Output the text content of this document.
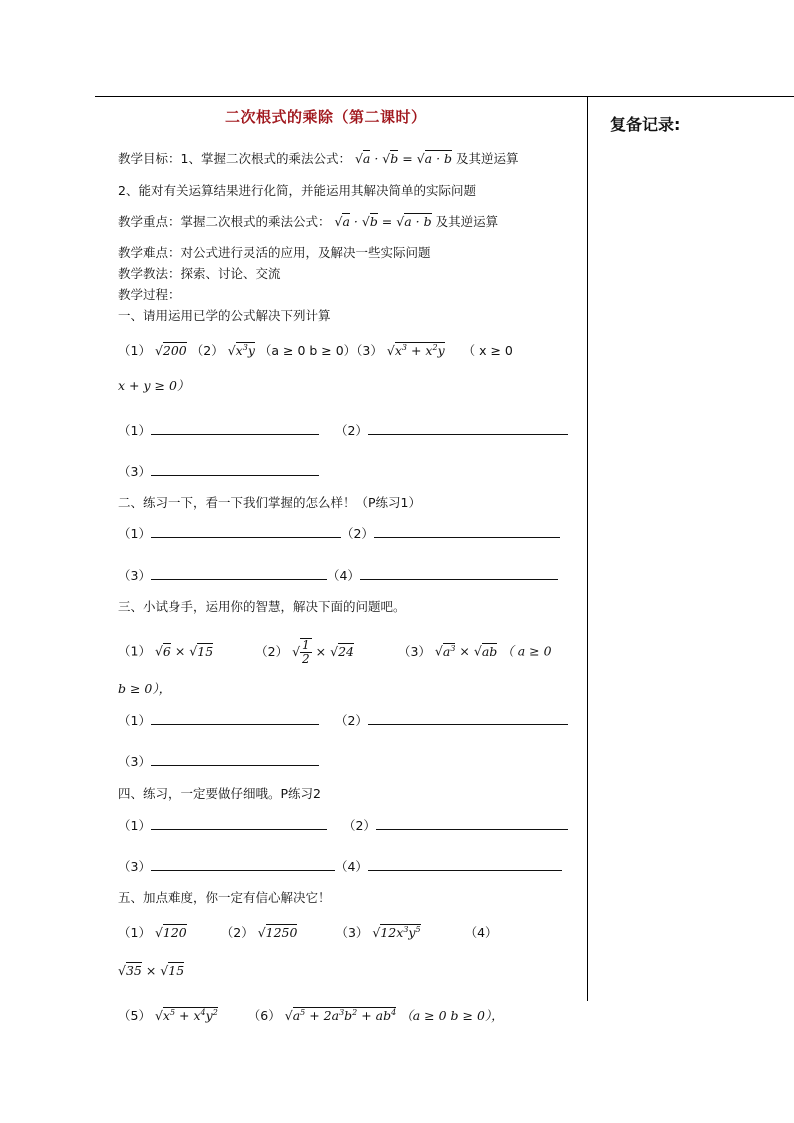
二次根式的乘除（第二课时）	复备记录:
教学目标：1、掌握二次根式的乘法公式： √a · √b = √a · b 及其逆运算
2、能对有关运算结果进行化简，并能运用其解决简单的实际问题
教学重点：掌握二次根式的乘法公式： √a · √b = √a · b 及其逆运算
教学难点：对公式进行灵活的应用，及解决一些实际问题
教学教法：探索、讨论、交流
教学过程：
一、请用运用已学的公式解决下列计算
（1） √200 （2） $√x^3y$ （a ≥ 0 b ≥ 0）（3） $√x^3 + x^2y$ （ x ≥ 0
x + y ≥ 0）
（1）	（2）
（3）
二、练习一下，看一下我们掌握的怎么样！（P练习1）
（1）	（2）
（3）	（4）
三、小试身手，运用你的智慧，解决下面的问题吧。
（1） √6 × √15	（2） √ $\frac{1}{2} \times √24$	（3） $√a^3 \times √ab$ （ a ≥ 0
b ≥ 0），
（1）	（2）
（3）
四、练习，一定要做仔细哦。P练习2
（1）	（2）
（3）	（4）
五、加点难度，你一定有信心解决它！
（1） √120	（2） √1250	（3） $√12x^3y^5$	（4）
√35 × √15
（5） $√x^5 + x^4y^2$ （6） $√a^5 + 2a^3b^2 + ab^4$ （a ≥ 0 b ≥ 0），
